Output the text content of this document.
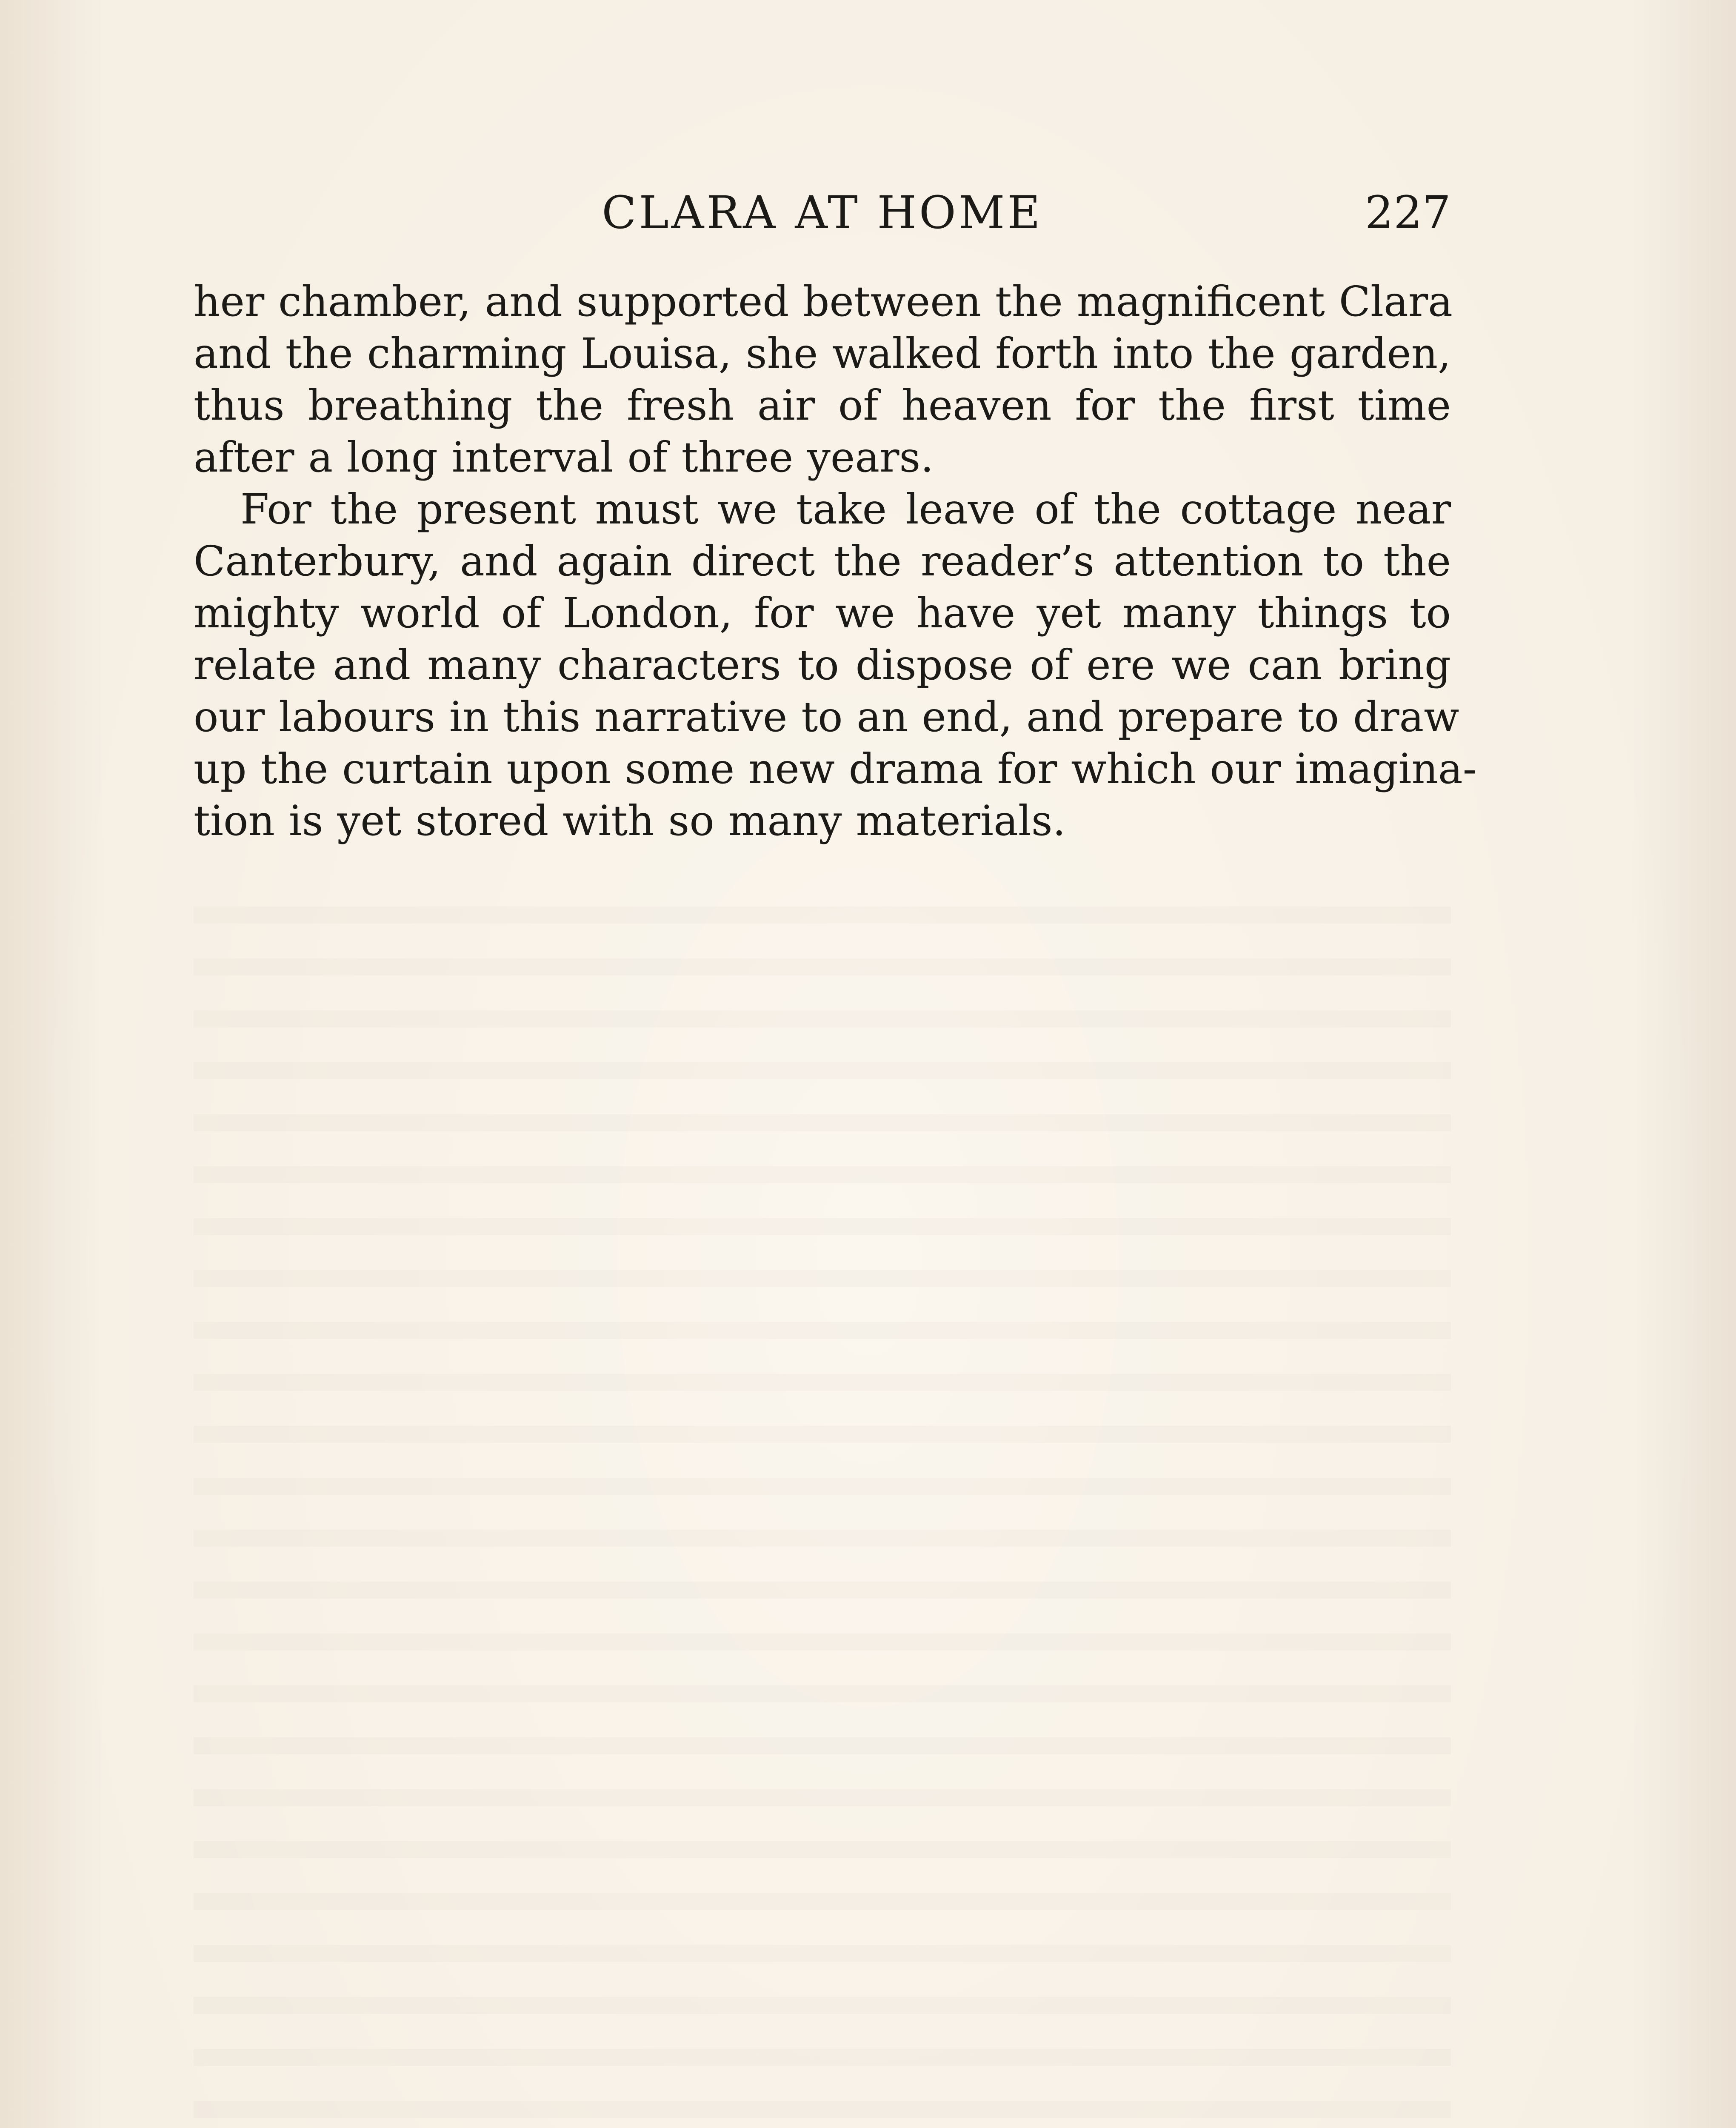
CLARA AT HOME	227

her chamber, and supported between the magnificent Clara
and the charming Louisa, she walked forth into the garden,
thus breathing the fresh air of heaven for the first time
after a long interval of three years.

For the present must we take leave of the cottage near
Canterbury, and again direct the reader’s attention to the
mighty world of London, for we have yet many things to
relate and many characters to dispose of ere we can bring
our labours in this narrative to an end, and prepare to draw
up the curtain upon some new drama for which our imagina-
tion is yet stored with so many materials.
